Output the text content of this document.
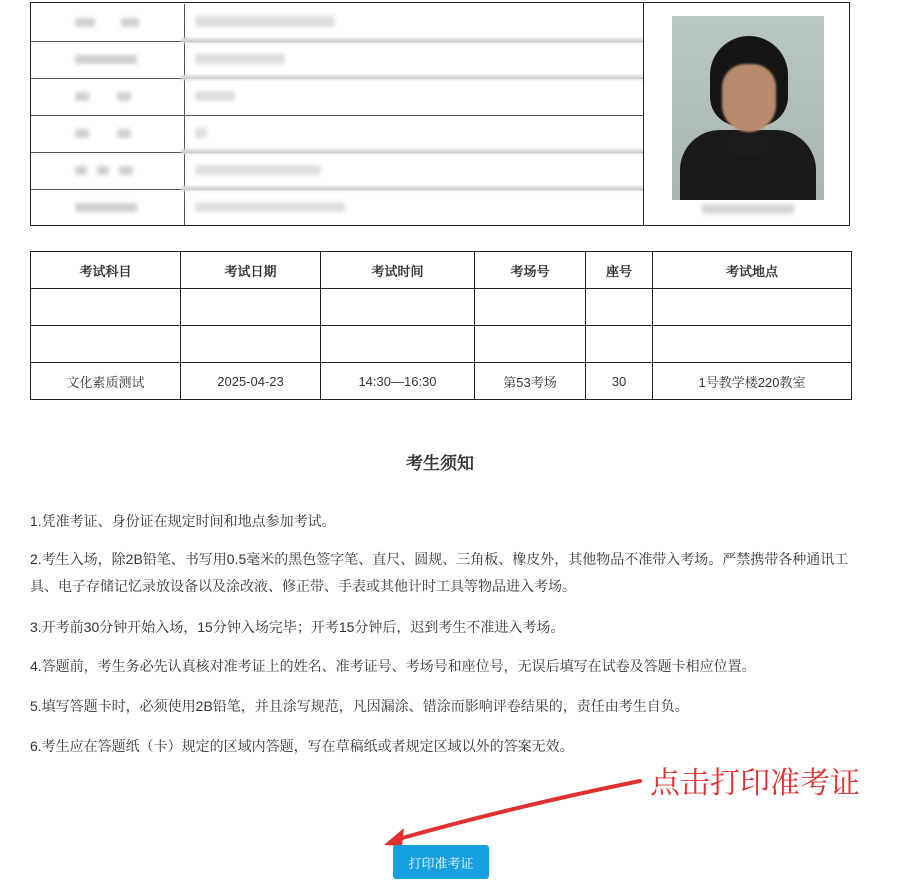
考试科目	考试日期	考试时间	考场号	座号	考试地点

文化素质测试	2025-04-23	14:30—16:30	第53考场	30	1号教学楼220教室
考生须知
1.凭准考证、身份证在规定时间和地点参加考试。
2.考生入场，除2B铅笔、书写用0.5毫米的黑色签字笔、直尺、圆规、三角板、橡皮外，其他物品不准带入考场。严禁携带各种通讯工具、电子存储记忆录放设备以及涂改液、修正带、手表或其他计时工具等物品进入考场。
3.开考前30分钟开始入场，15分钟入场完毕；开考15分钟后，迟到考生不准进入考场。
4.答题前，考生务必先认真核对准考证上的姓名、准考证号、考场号和座位号，无误后填写在试卷及答题卡相应位置。
5.填写答题卡时，必须使用2B铅笔，并且涂写规范，凡因漏涂、错涂而影响评卷结果的，责任由考生自负。
6.考生应在答题纸（卡）规定的区域内答题，写在草稿纸或者规定区域以外的答案无效。
点击打印准考证
打印准考证
